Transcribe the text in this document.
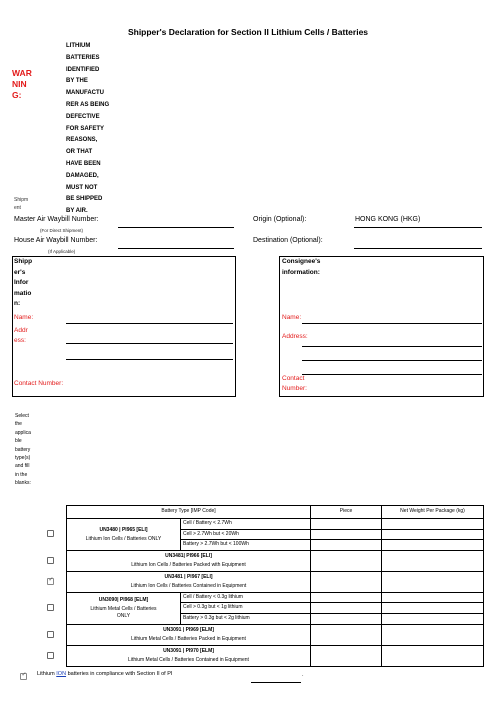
Shipper's Declaration for Section II Lithium Cells / Batteries
WAR
NIN
G:
LITHIUM
BATTERIES
IDENTIFIED
BY THE
MANUFACTU
RER AS BEING
DEFECTIVE
FOR SAFETY
REASONS,
OR THAT
HAVE BEEN
DAMAGED,
MUST NOT
BE SHIPPED
BY AIR.
Shipm
ent
Master Air Waybill Number:
(For Direct Shipment)
House Air Waybill Number:
(If Applicable)
Origin (Optional):	HONG KONG (HKG)
Destination (Optional):
Shipp
er's
Infor
matio
n:
Name:
Addr
ess:
Contact Number:
Consignee's
information:
Name:
Address:
Contact
Number:
Select
the
applica
ble
battery
type(s)
and fill
in the
blanks:
Battery Type [IMP Code]		Piece	Net Weight Per Package (kg)

UN3480 | PI965 [ELI]
Lithium Ion Cells / Batteries ONLY	Cell / Battery < 2.7Wh		
	Cell > 2.7Wh but < 20Wh		
	Battery > 2.7Wh but < 100Wh		

UN3481| PI966 [ELI]
Lithium Ion Cells / Batteries Packed with Equipment			

UN3481 | PI967 [ELI]
Lithium Ion Cells / Batteries Contained in Equipment			

UN3090| PI968 [ELM]
Lithium Metal Cells / Batteries
ONLY	Cell / Battery < 0.3g lithium		
	Cell > 0.3g but < 1g lithium		
	Battery > 0.3g but < 2g lithium		

UN3091 | PI969 [ELM]
Lithium Metal Cells / Batteries Packed in Equipment			

UN3091 | PI970 [ELM]
Lithium Metal Cells / Batteries Contained in Equipment			

✓
Lithium ION batteries in compliance with Section II of PI	.
✓
